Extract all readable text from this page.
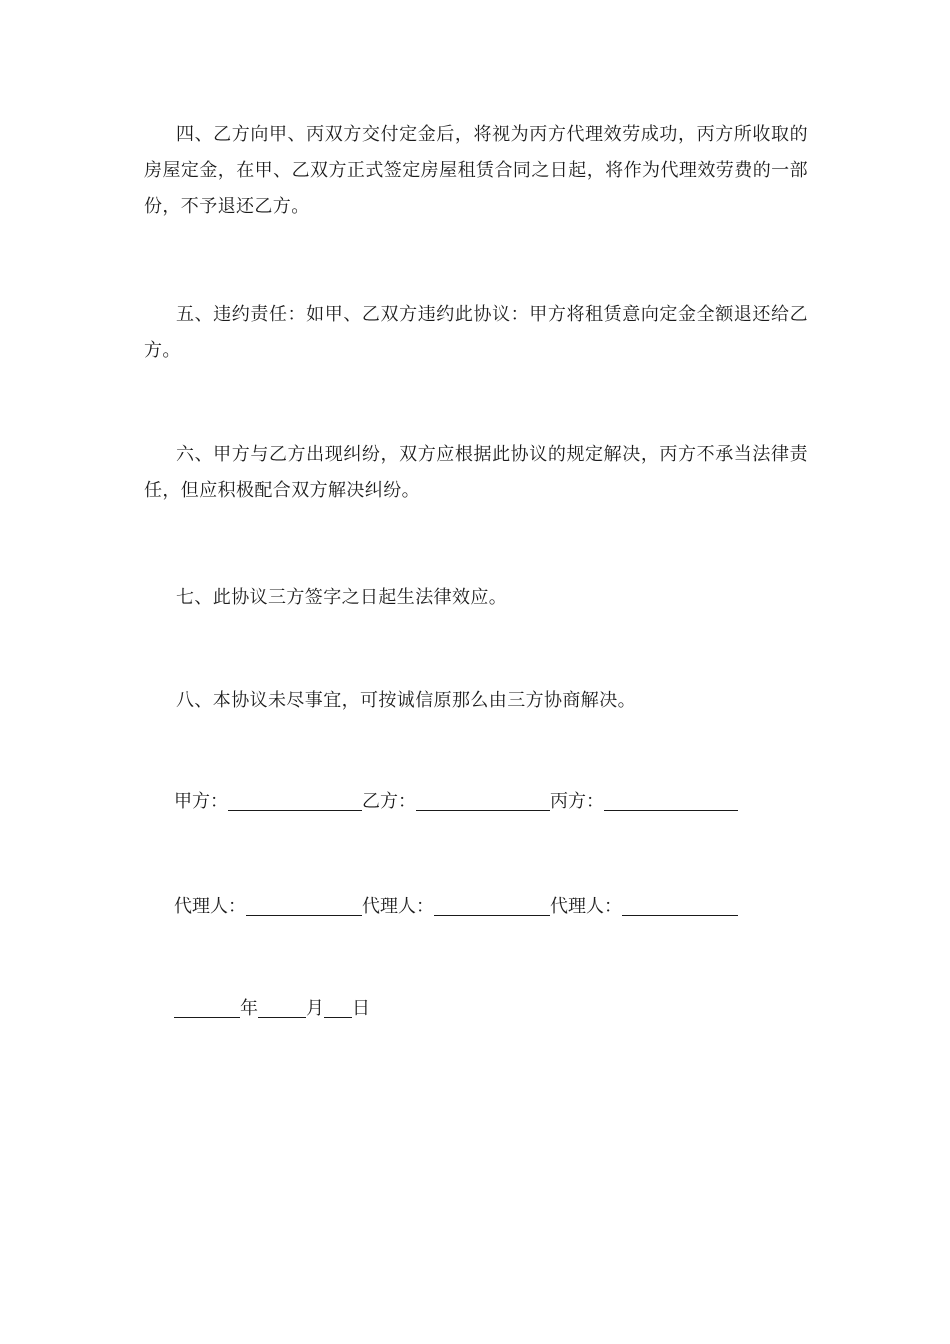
四、乙方向甲、丙双方交付定金后，将视为丙方代理效劳成功，丙方所收取的房屋定金，在甲、乙双方正式签定房屋租赁合同之日起，将作为代理效劳费的一部份，不予退还乙方。

五、违约责任：如甲、乙双方违约此协议：甲方将租赁意向定金全额退还给乙方。

六、甲方与乙方出现纠纷，双方应根据此协议的规定解决，丙方不承当法律责任，但应积极配合双方解决纠纷。

七、此协议三方签字之日起生法律效应。

八、本协议未尽事宜，可按诚信原那么由三方协商解决。

甲方：	乙方：	丙方：
代理人：	代理人：	代理人：
年	月 日
